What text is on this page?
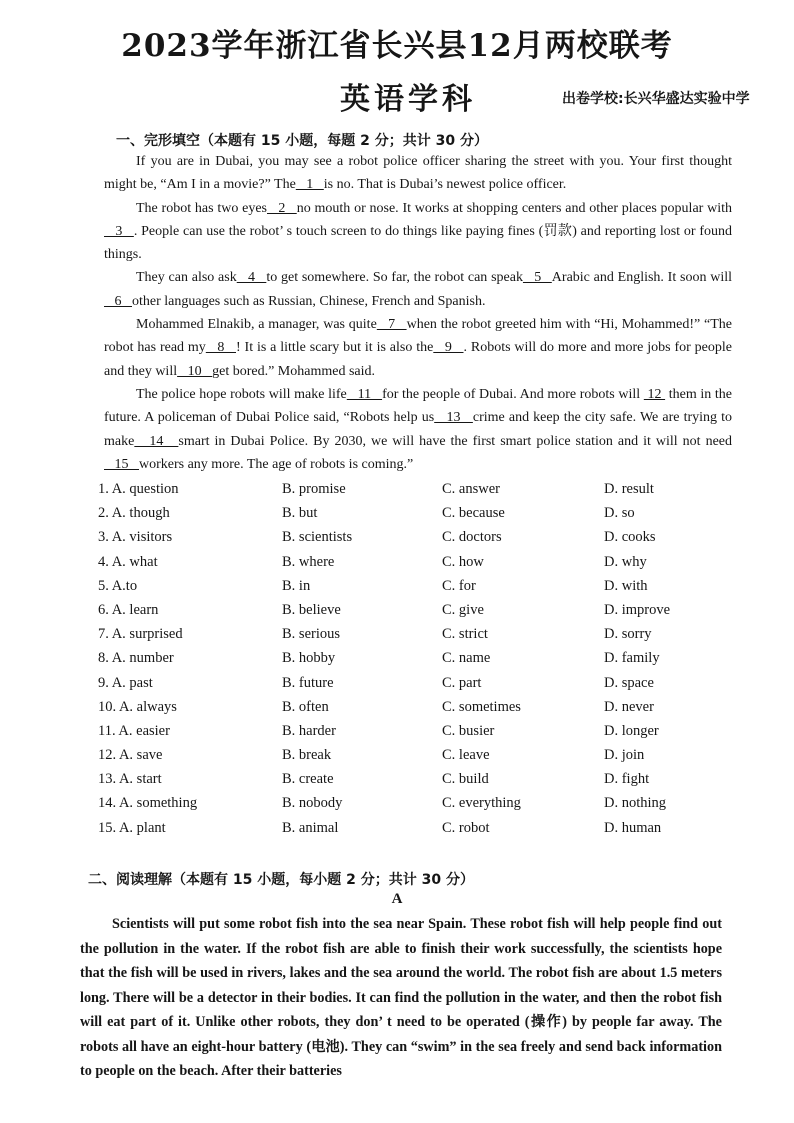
2023学年浙江省长兴县12月两校联考
英语学科	出卷学校:长兴华盛达实验中学
一、完形填空（本题有 15 小题，每题 2 分；共计 30 分）

If you are in Dubai, you may see a robot police officer sharing the street with you. Your first thought might be, “Am I in a movie?” The   1   is no. That is Dubai’s newest police officer.

The robot has two eyes   2   no mouth or nose. It works at shopping centers and other places popular with    3   . People can use the robot’ s touch screen to do things like paying fines (罚款) and reporting lost or found things.

They can also ask   4   to get somewhere. So far, the robot can speak   5   Arabic and English. It soon will   6   other languages such as Russian, Chinese, French and Spanish.

Mohammed Elnakib, a manager, was quite   7   when the robot greeted him with “Hi, Mohammed!” “The robot has read my   8   ! It is a little scary but it is also the   9   . Robots will do more and more jobs for people and they will   10   get bored.” Mohammed said.

The police hope robots will make life   11   for the people of Dubai. And more robots will  12  them in the future. A policeman of Dubai Police said, “Robots help us   13   crime and keep the city safe. We are trying to make   14   smart in Dubai Police. By 2030, we will have the first smart police station and it will not need   15   workers any more. The age of robots is coming.”

1. A. question	B. promise	C. answer	D. result
2. A. though	B. but	C. because	D. so
3. A. visitors	B. scientists	C. doctors	D. cooks
4. A. what	B. where	C. how	D. why
5. A.to	B. in	C. for	D. with
6. A. learn	B. believe	C. give	D. improve
7. A. surprised	B. serious	C. strict	D. sorry
8. A. number	B. hobby	C. name	D. family
9. A. past	B. future	C. part	D. space
10. A. always	B. often	C. sometimes	D. never
11. A. easier	B. harder	C. busier	D. longer
12. A. save	B. break	C. leave	D. join
13. A. start	B. create	C. build	D. fight
14. A. something	B. nobody	C. everything	D. nothing
15. A. plant	B. animal	C. robot	D. human
二、阅读理解（本题有 15 小题，每小题 2 分；共计 30 分）
A

Scientists will put some robot fish into the sea near Spain. These robot fish will help people find out the pollution in the water. If the robot fish are able to finish their work successfully, the scientists hope that the fish will be used in rivers, lakes and the sea around the world. The robot fish are about 1.5 meters long. There will be a detector in their bodies. It can find the pollution in the water, and then the robot fish will eat part of it. Unlike other robots, they don’ t need to be operated (操作) by people far away. The robots all have an eight-hour battery (电池). They can “swim” in the sea freely and send back information to people on the beach. After their batteries
